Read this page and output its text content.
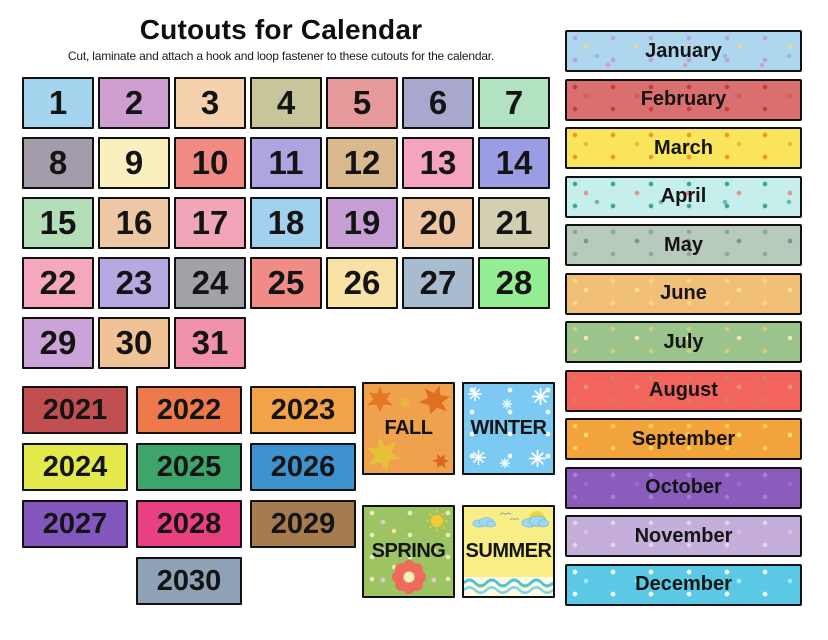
Cutouts for Calendar
Cut, laminate and attach a hook and loop fastener to these cutouts for the calendar.
1 2 3 4 5 6 7
8 9 10 11 12 13 14
15 16 17 18 19 20 21
22 23 24 25 26 27 28
29 30 31
2021 2022 2023
2024 2025 2026
2027 2028 2029
2030
FALL WINTER
SPRING SUMMER
January
February
March
April
May
June
July
August
September
October
November
December
